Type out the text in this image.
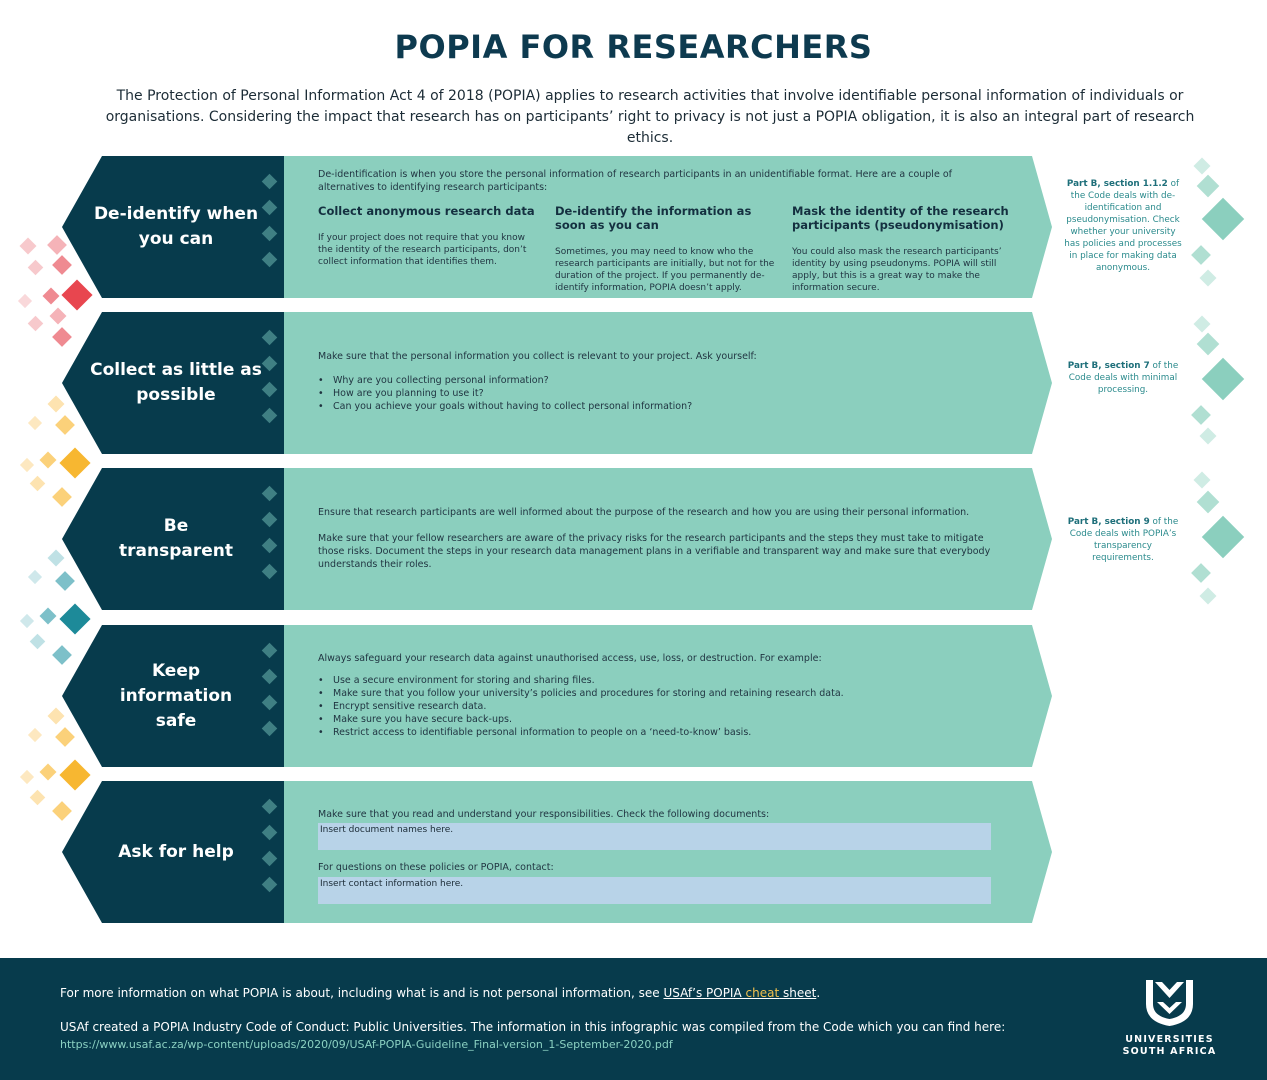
POPIA FOR RESEARCHERS
The Protection of Personal Information Act 4 of 2018 (POPIA) applies to research activities that involve identifiable personal information of individuals or organisations. Considering the impact that research has on participants’ right to privacy is not just a POPIA obligation, it is also an integral part of research ethics.
De-identify when you can
De-identification is when you store the personal information of research participants in an unidentifiable format. Here are a couple of alternatives to identifying research participants:
Collect anonymous research data
If your project does not require that you know the identity of the research participants, don’t collect information that identifies them.
De-identify the information as soon as you can
Sometimes, you may need to know who the research participants are initially, but not for the duration of the project. If you permanently de-identify information, POPIA doesn’t apply.
Mask the identity of the research participants (pseudonymisation)
You could also mask the research participants’ identity by using pseudonyms. POPIA will still apply, but this is a great way to make the information secure.
Part B, section 1.1.2 of the Code deals with de-identification and pseudonymisation. Check whether your university has policies and processes in place for making data anonymous.
Collect as little as possible
Make sure that the personal information you collect is relevant to your project. Ask yourself:
• Why are you collecting personal information?
• How are you planning to use it?
• Can you achieve your goals without having to collect personal information?
Part B, section 7 of the Code deals with minimal processing.
Be transparent
Ensure that research participants are well informed about the purpose of the research and how you are using their personal information.
Make sure that your fellow researchers are aware of the privacy risks for the research participants and the steps they must take to mitigate those risks. Document the steps in your research data management plans in a verifiable and transparent way and make sure that everybody understands their roles.
Part B, section 9 of the Code deals with POPIA’s transparency requirements.
Keep information safe
Always safeguard your research data against unauthorised access, use, loss, or destruction. For example:
• Use a secure environment for storing and sharing files.
• Make sure that you follow your university’s policies and procedures for storing and retaining research data.
• Encrypt sensitive research data.
• Make sure you have secure back-ups.
• Restrict access to identifiable personal information to people on a ‘need-to-know’ basis.
Ask for help
Make sure that you read and understand your responsibilities. Check the following documents:
Insert document names here.
For questions on these policies or POPIA, contact:
Insert contact information here.
For more information on what POPIA is about, including what is and is not personal information, see USAf’s POPIA cheat sheet.
USAf created a POPIA Industry Code of Conduct: Public Universities. The information in this infographic was compiled from the Code which you can find here:
https://www.usaf.ac.za/wp-content/uploads/2020/09/USAf-POPIA-Guideline_Final-version_1-September-2020.pdf	UNIVERSITIES
SOUTH AFRICA
